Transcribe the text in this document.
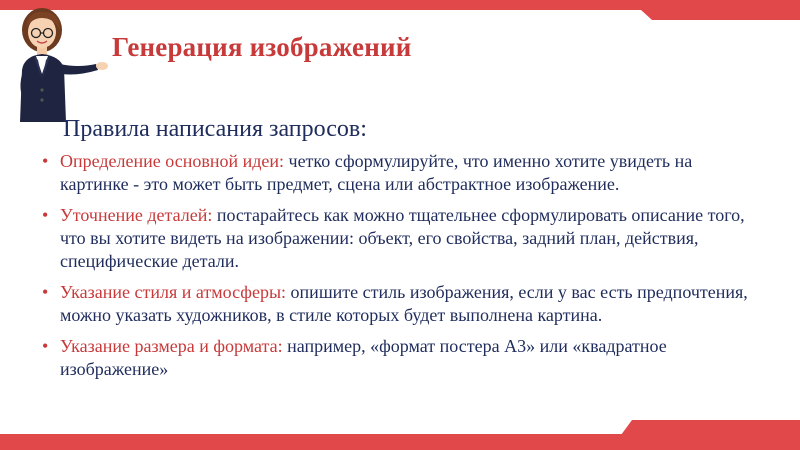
Генерация изображений
Правила написания запросов:
• Определение основной идеи: четко сформулируйте, что именно хотите увидеть на картинке - это может быть предмет, сцена или абстрактное изображение.
• Уточнение деталей: постарайтесь как можно тщательнее сформулировать описание того, что вы хотите видеть на изображении: объект, его свойства, задний план, действия, специфические детали.
• Указание стиля и атмосферы: опишите стиль изображения, если у вас есть предпочтения, можно указать художников, в стиле которых будет выполнена картина.
• Указание размера и формата: например, «формат постера А3» или «квадратное изображение»
